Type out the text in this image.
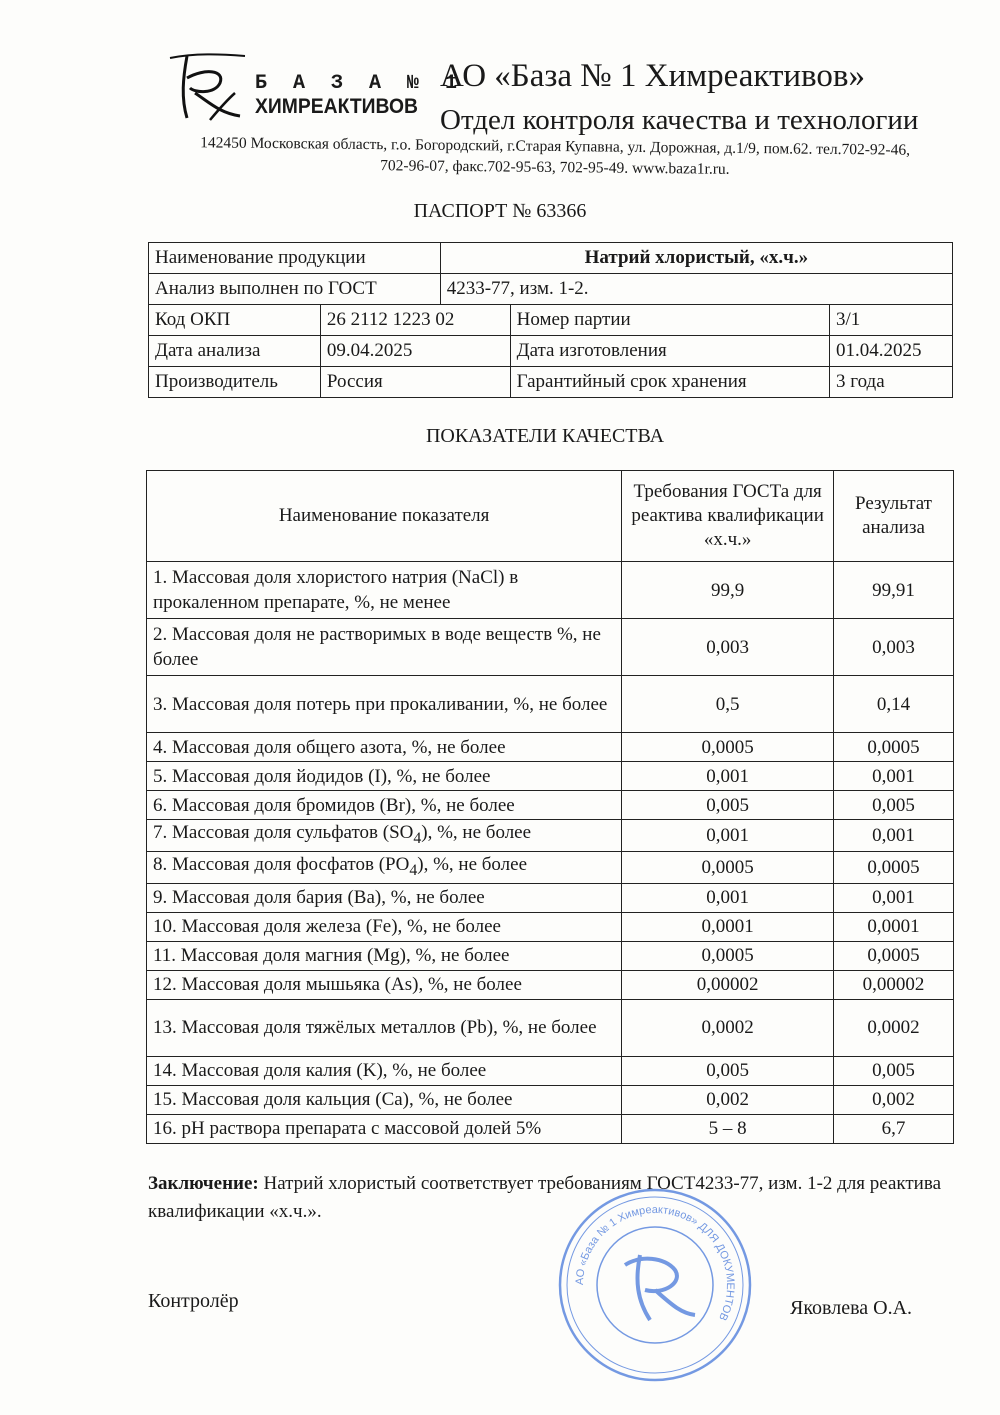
Б А З А № 1
ХИМРЕАКТИВОВ
АО «База № 1 Химреактивов»
Отдел контроля качества и технологии
142450 Московская область, г.о. Богородский, г.Старая Купавна, ул. Дорожная, д.1/9, пом.62. тел.702-92-46,
702-96-07, факс.702-95-63, 702-95-49. www.baza1r.ru.
ПАСПОРТ № 63366
Наименование продукции		Натрий хлористый, «х.ч.»		
Анализ выполнен по ГОСТ		4233-77, изм. 1-2.		
Код ОКП	26 2112 1223 02		Номер партии	3/1
Дата анализа	09.04.2025		Дата изготовления	01.04.2025
Производитель	Россия		Гарантийный срок хранения	3 года
ПОКАЗАТЕЛИ КАЧЕСТВА
Наименование показателя	Требования ГОСТа для реактива квалификации «х.ч.»	Результат анализа
1. Массовая доля хлористого натрия (NaCl) в прокаленном препарате, %, не менее	99,9	99,91
2. Массовая доля не растворимых в воде веществ %, не более	0,003	0,003
3. Массовая доля потерь при прокаливании, %, не более	0,5	0,14
4. Массовая доля общего азота, %, не более	0,0005	0,0005
5. Массовая доля йодидов (I), %, не более	0,001	0,001
6. Массовая доля бромидов (Br), %, не более	0,005	0,005
7. Массовая доля сульфатов $(SO_4)$, %, не более	0,001	0,001
8. Массовая доля фосфатов $(PO_4)$, %, не более	0,0005	0,0005
9. Массовая доля бария (Ba), %, не более	0,001	0,001
10. Массовая доля железа (Fe), %, не более	0,0001	0,0001
11. Массовая доля магния (Mg), %, не более	0,0005	0,0005
12. Массовая доля мышьяка (As), %, не более	0,00002	0,00002
13. Массовая доля тяжёлых металлов (Pb), %, не более	0,0002	0,0002
14. Массовая доля калия (K), %, не более	0,005	0,005
15. Массовая доля кальция (Ca), %, не более	0,002	0,002
16. pH раствора препарата с массовой долей 5%	5 – 8	6,7
Заключение: Натрий хлористый соответствует требованиям ГОСТ4233-77, изм. 1-2 для реактива квалификации «х.ч.».
Контролёр	Яковлева О.А.
АО «База № 1 Химреактивов» ДЛЯ ДОКУМЕНТОВ
